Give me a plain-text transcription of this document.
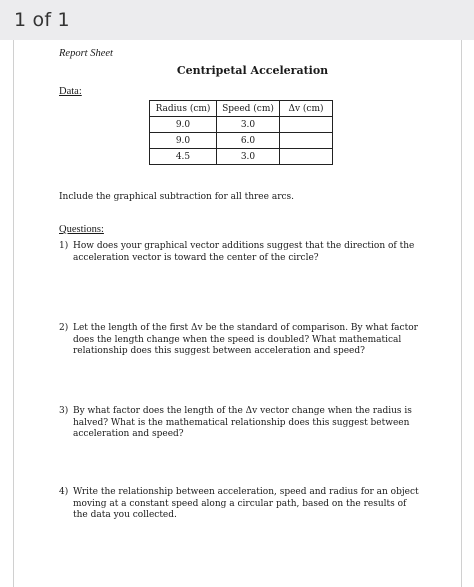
1 of 1
Report Sheet
Centripetal Acceleration
Data:
Radius (cm)	Speed (cm)	Δv (cm)
9.0	3.0	
9.0	6.0	
4.5	3.0	
Include the graphical subtraction for all three arcs.
Questions:
1) How does your graphical vector additions suggest that the direction of the acceleration vector is toward the center of the circle?
2) Let the length of the first Δv be the standard of comparison. By what factor does the length change when the speed is doubled? What mathematical relationship does this suggest between acceleration and speed?
3) By what factor does the length of the Δv vector change when the radius is halved? What is the mathematical relationship does this suggest between acceleration and speed?
4) Write the relationship between acceleration, speed and radius for an object moving at a constant speed along a circular path, based on the results of the data you collected.
